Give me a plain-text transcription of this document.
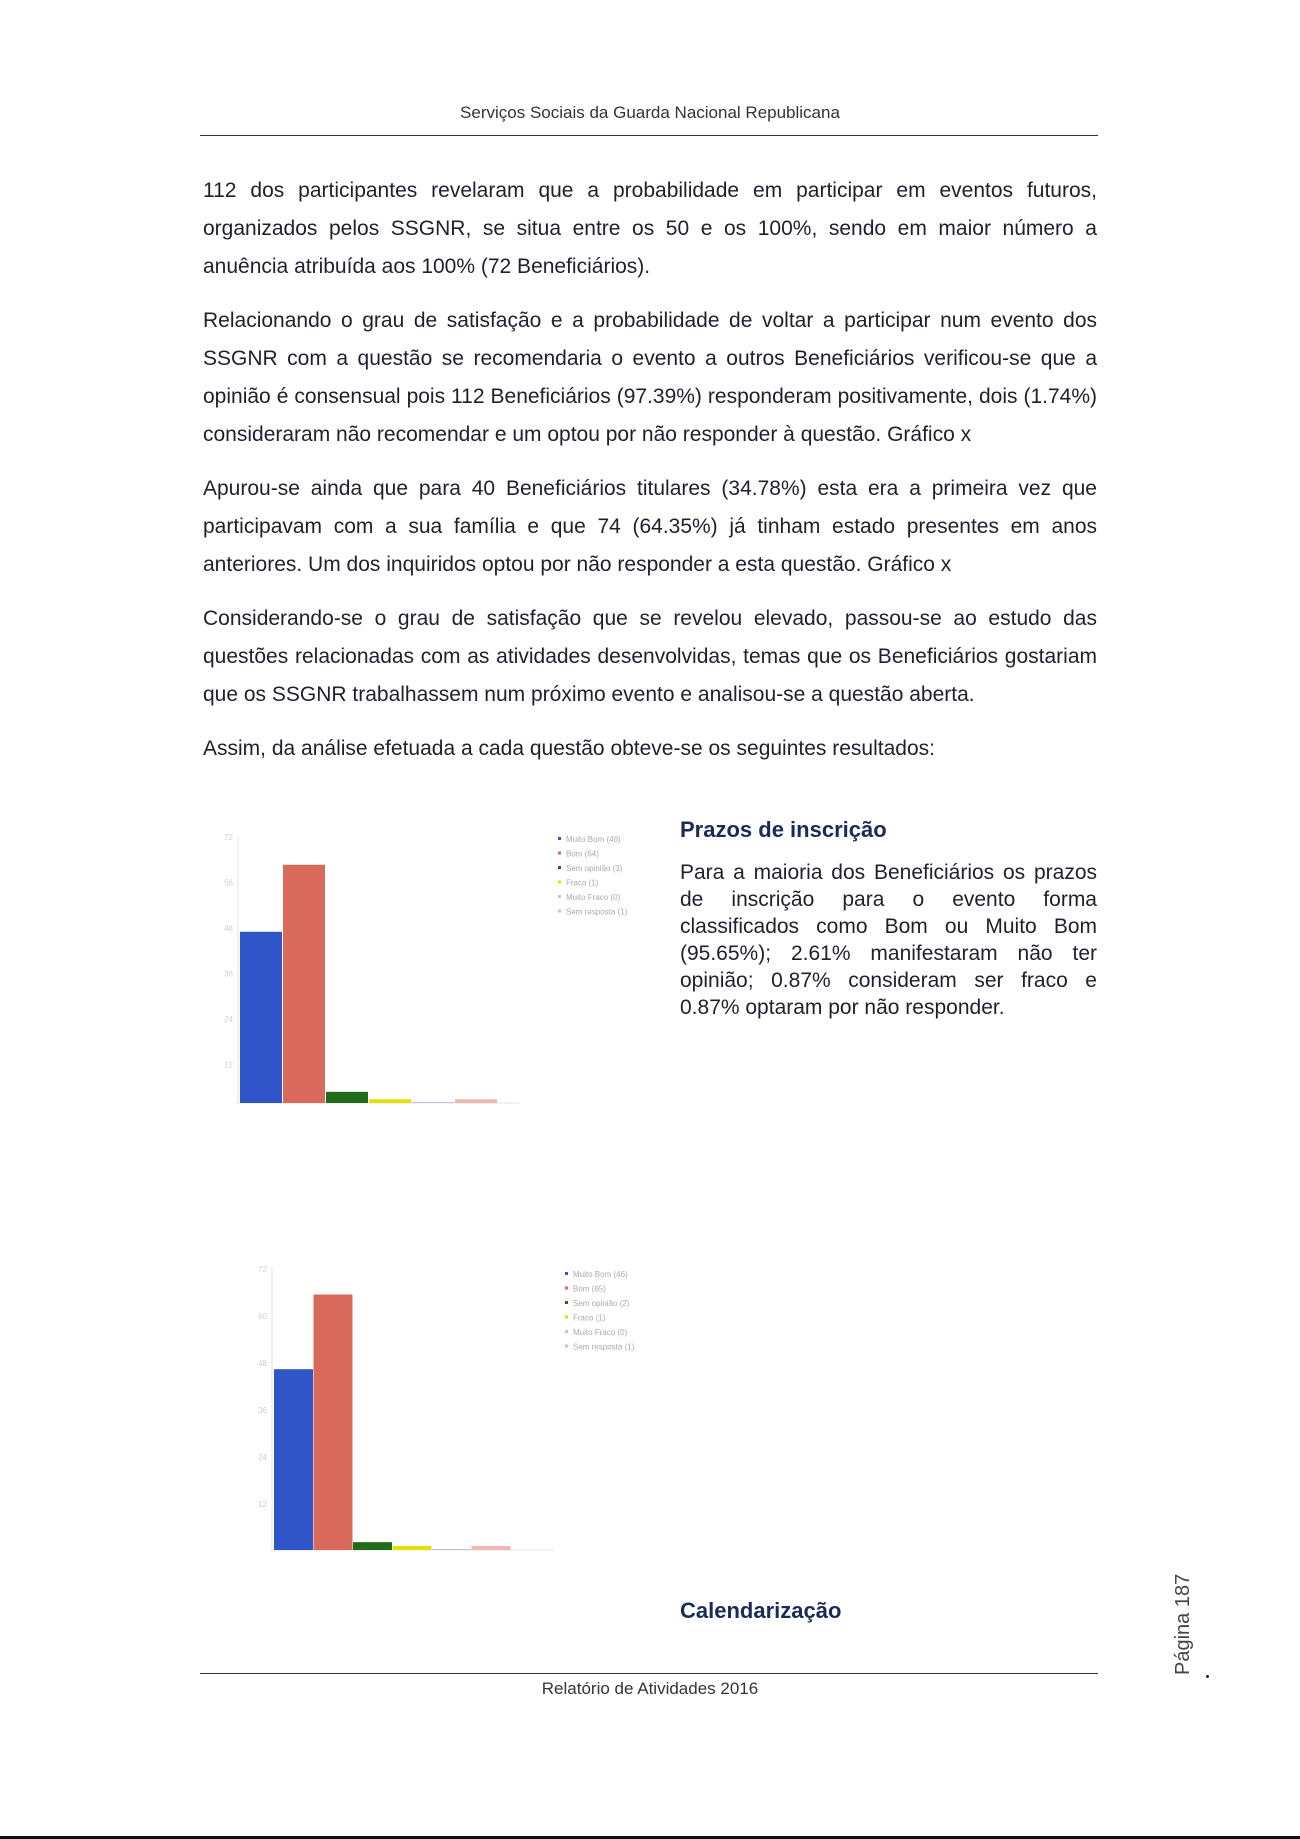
Serviços Sociais da Guarda Nacional Republicana

112 dos participantes revelaram que a probabilidade em participar em eventos futuros, organizados pelos SSGNR, se situa entre os 50 e os 100%, sendo em maior número a anuência atribuída aos 100% (72 Beneficiários).

Relacionando o grau de satisfação e a probabilidade de voltar a participar num evento dos SSGNR com a questão se recomendaria o evento a outros Beneficiários verificou-se que a opinião é consensual pois 112 Beneficiários (97.39%) responderam positivamente, dois (1.74%) consideraram não recomendar e um optou por não responder à questão. Gráfico x

Apurou-se ainda que para 40 Beneficiários titulares (34.78%) esta era a primeira vez que participavam com a sua família e que 74 (64.35%) já tinham estado presentes em anos anteriores. Um dos inquiridos optou por não responder a esta questão. Gráfico x

Considerando-se o grau de satisfação que se revelou elevado, passou-se ao estudo das questões relacionadas com as atividades desenvolvidas, temas que os Beneficiários gostariam que os SSGNR trabalhassem num próximo evento e analisou-se a questão aberta.

Assim, da análise efetuada a cada questão obteve-se os seguintes resultados:

72
56
48
36
24
12
Muito Bom (46)
Bom (64)
Sem opinião (3)
Fraco (1)
Muito Fraco (0)
Sem resposta (1)
Prazos de inscrição

Para a maioria dos Beneficiários os prazos de inscrição para o evento forma classificados como Bom ou Muito Bom (95.65%); 2.61% manifestaram não ter opinião; 0.87% consideram ser fraco e 0.87% optaram por não responder.

72
60
48
36
24
12
Muito Bom (46)
Bom (65)
Sem opinião (2)
Fraco (1)
Muito Fraco (0)
Sem resposta (1)
Calendarização	Página 187
Relatório de Atividades 2016
